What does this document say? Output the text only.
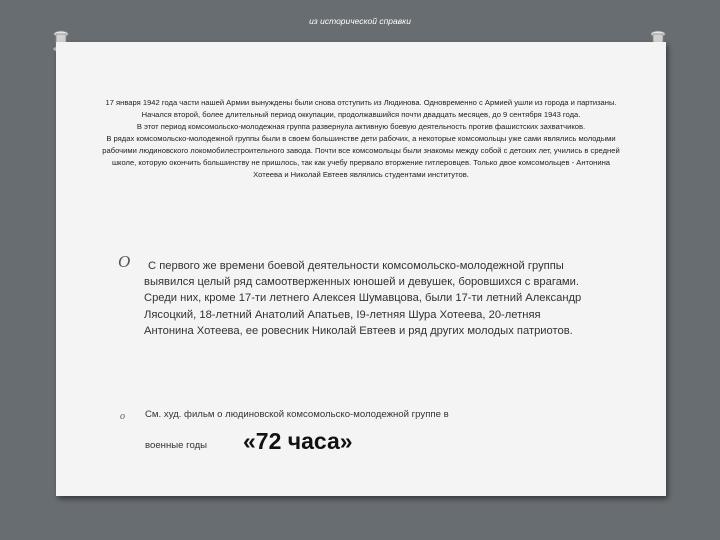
из исторической справки

17 января 1942 года части нашей Армии вынуждены были снова отступить из Людинова. Одновременно с Армией ушли из города и партизаны.

Начался второй, более длительный период оккупации, продолжавшийся почти двадцать месяцев, до 9 сентября 1943 года.

В этот период комсомольско-молодежная группа развернула активную боевую деятельность против фашистских захватчиков.

В рядах комсомольско-молодежной группы были в своем большинстве дети рабочих, а некоторые комсомольцы уже сами являлись молодыми рабочими людиновского локомобилестроительного завода. Почти все комсомольцы были знакомы между собой с детских лет, учились в средней школе, которую окончить большинству не пришлось, так как учебу прервало вторжение гитлеровцев. Только двое комсомольцев - Антонина Хотеева и Николай Евтеев являлись студентами институтов.

O	С первого же времени боевой деятельности комсомольско-молодежной группы выявился целый ряд самоотверженных юношей и девушек, боровшихся с врагами. Среди них, кроме 17-ти летнего Алексея Шумавцова, были 17-ти летний Александр Лясоцкий, 18-летний Анатолий Апатьев, I9-летняя Шура Хотеева, 20-летняя Антонина Хотеева, ее ровесник Николай Евтеев и ряд других молодых патриотов.
o См. худ. фильм о людиновской комсомольско-молодежной группе в
военные годы «72 часа»
